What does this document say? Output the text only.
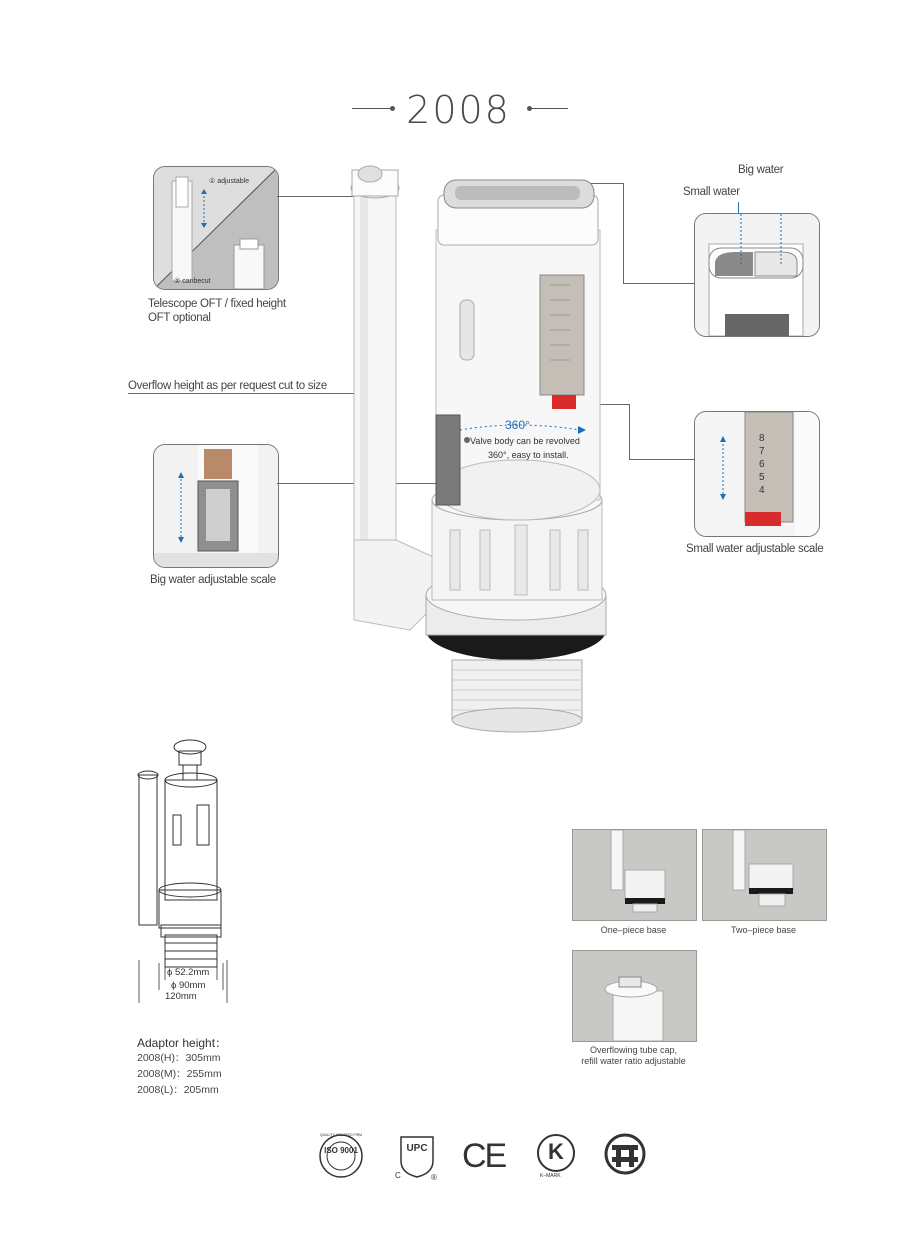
2008
① adjustable
② canbecut
Telescope OFT / fixed height
OFT optional
Overflow height as per request cut to size
Big water adjustable scale
Big water
Small water
8
7
6
5
4
Small water adjustable scale
360°
Valve body can be revolved
360°, easy to install.
ϕ 52.2mm
ϕ 90mm
120mm
Adaptor height：
2008(H)：305mm
2008(M)：255mm
2008(L)：205mm
One–piece base	Two–piece base
Overflowing tube cap,
refill water ratio adjustable
ISO 9001
QUALITY ASSURED FIRM
UPC
C	®
CE	K
K–MARK
